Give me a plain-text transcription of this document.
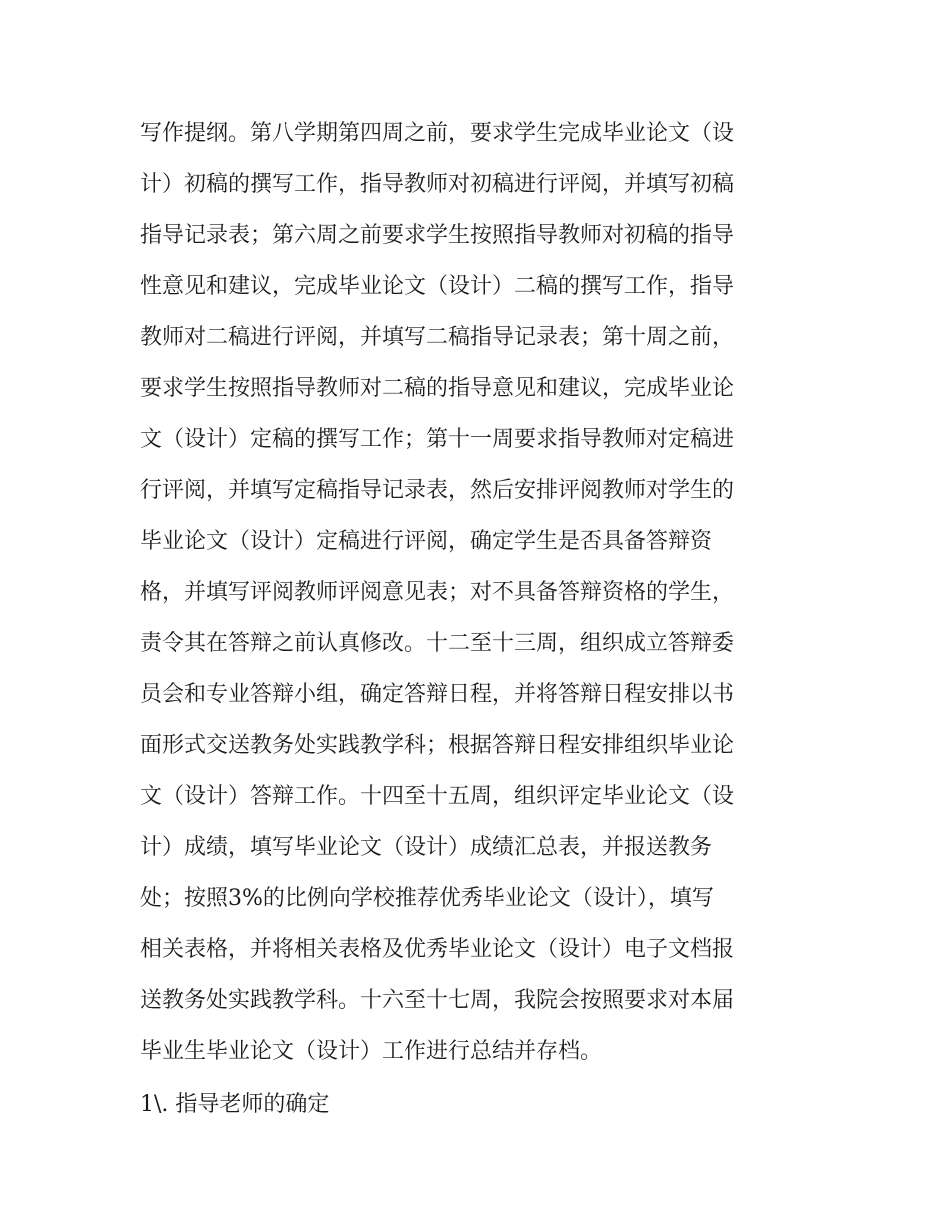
写作提纲。第八学期第四周之前，要求学生完成毕业论文（设
计）初稿的撰写工作，指导教师对初稿进行评阅，并填写初稿
指导记录表；第六周之前要求学生按照指导教师对初稿的指导
性意见和建议，完成毕业论文（设计）二稿的撰写工作，指导
教师对二稿进行评阅，并填写二稿指导记录表；第十周之前，
要求学生按照指导教师对二稿的指导意见和建议，完成毕业论
文（设计）定稿的撰写工作；第十一周要求指导教师对定稿进
行评阅，并填写定稿指导记录表，然后安排评阅教师对学生的
毕业论文（设计）定稿进行评阅，确定学生是否具备答辩资
格，并填写评阅教师评阅意见表；对不具备答辩资格的学生，
责令其在答辩之前认真修改。十二至十三周，组织成立答辩委
员会和专业答辩小组，确定答辩日程，并将答辩日程安排以书
面形式交送教务处实践教学科；根据答辩日程安排组织毕业论
文（设计）答辩工作。十四至十五周，组织评定毕业论文（设
计）成绩，填写毕业论文（设计）成绩汇总表，并报送教务
处；按照3%的比例向学校推荐优秀毕业论文（设计），填写
相关表格，并将相关表格及优秀毕业论文（设计）电子文档报
送教务处实践教学科。十六至十七周，我院会按照要求对本届
毕业生毕业论文（设计）工作进行总结并存档。
1\. 指导老师的确定
